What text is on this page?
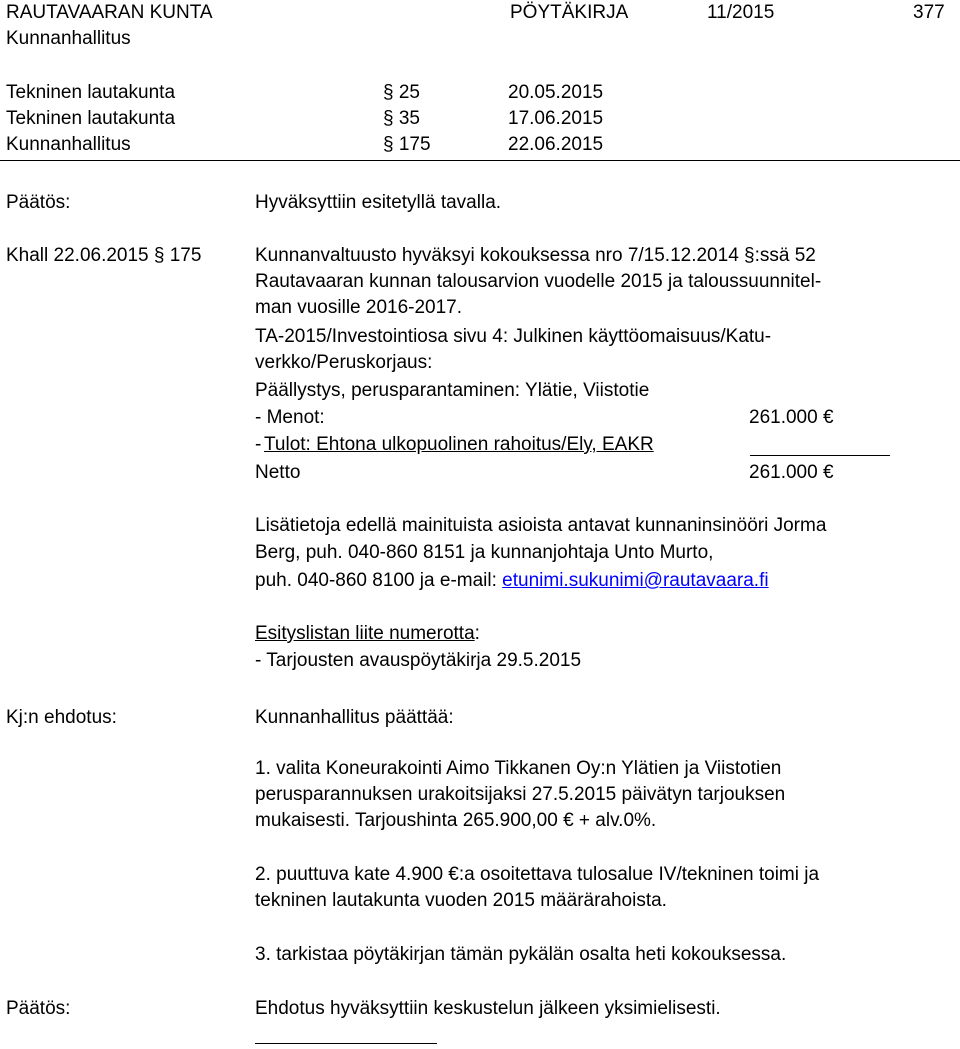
RAUTAVAARAN KUNTA	PÖYTÄKIRJA	11/2015	377
Kunnanhallitus
Tekninen lautakunta	§ 25	20.05.2015
Tekninen lautakunta	§ 35	17.06.2015
Kunnanhallitus	§ 175	22.06.2015
Päätös:	Hyväksyttiin esitetyllä tavalla.
Khall 22.06.2015 § 175	Kunnanvaltuusto hyväksyi kokouksessa nro 7/15.12.2014 §:ssä 52
Rautavaaran kunnan talousarvion vuodelle 2015 ja taloussuunnitel-
man vuosille 2016-2017.
TA-2015/Investointiosa sivu 4: Julkinen käyttöomaisuus/Katu-
verkko/Peruskorjaus:
Päällystys, perusparantaminen: Ylätie, Viistotie
- Menot:	261.000 €
- Tulot: Ehtona ulkopuolinen rahoitus/Ely, EAKR
Netto	261.000 €
Lisätietoja edellä mainituista asioista antavat kunnaninsinööri Jorma
Berg, puh. 040-860 8151 ja kunnanjohtaja Unto Murto,
puh. 040-860 8100 ja e-mail: etunimi.sukunimi@rautavaara.fi
Esityslistan liite numerotta:
- Tarjousten avauspöytäkirja 29.5.2015
Kj:n ehdotus:	Kunnanhallitus päättää:
1. valita Koneurakointi Aimo Tikkanen Oy:n Ylätien ja Viistotien
perusparannuksen urakoitsijaksi 27.5.2015 päivätyn tarjouksen
mukaisesti. Tarjoushinta 265.900,00 € + alv.0%.
2. puuttuva kate 4.900 €:a osoitettava tulosalue IV/tekninen toimi ja
tekninen lautakunta vuoden 2015 määrärahoista.
3. tarkistaa pöytäkirjan tämän pykälän osalta heti kokouksessa.
Päätös:	Ehdotus hyväksyttiin keskustelun jälkeen yksimielisesti.
